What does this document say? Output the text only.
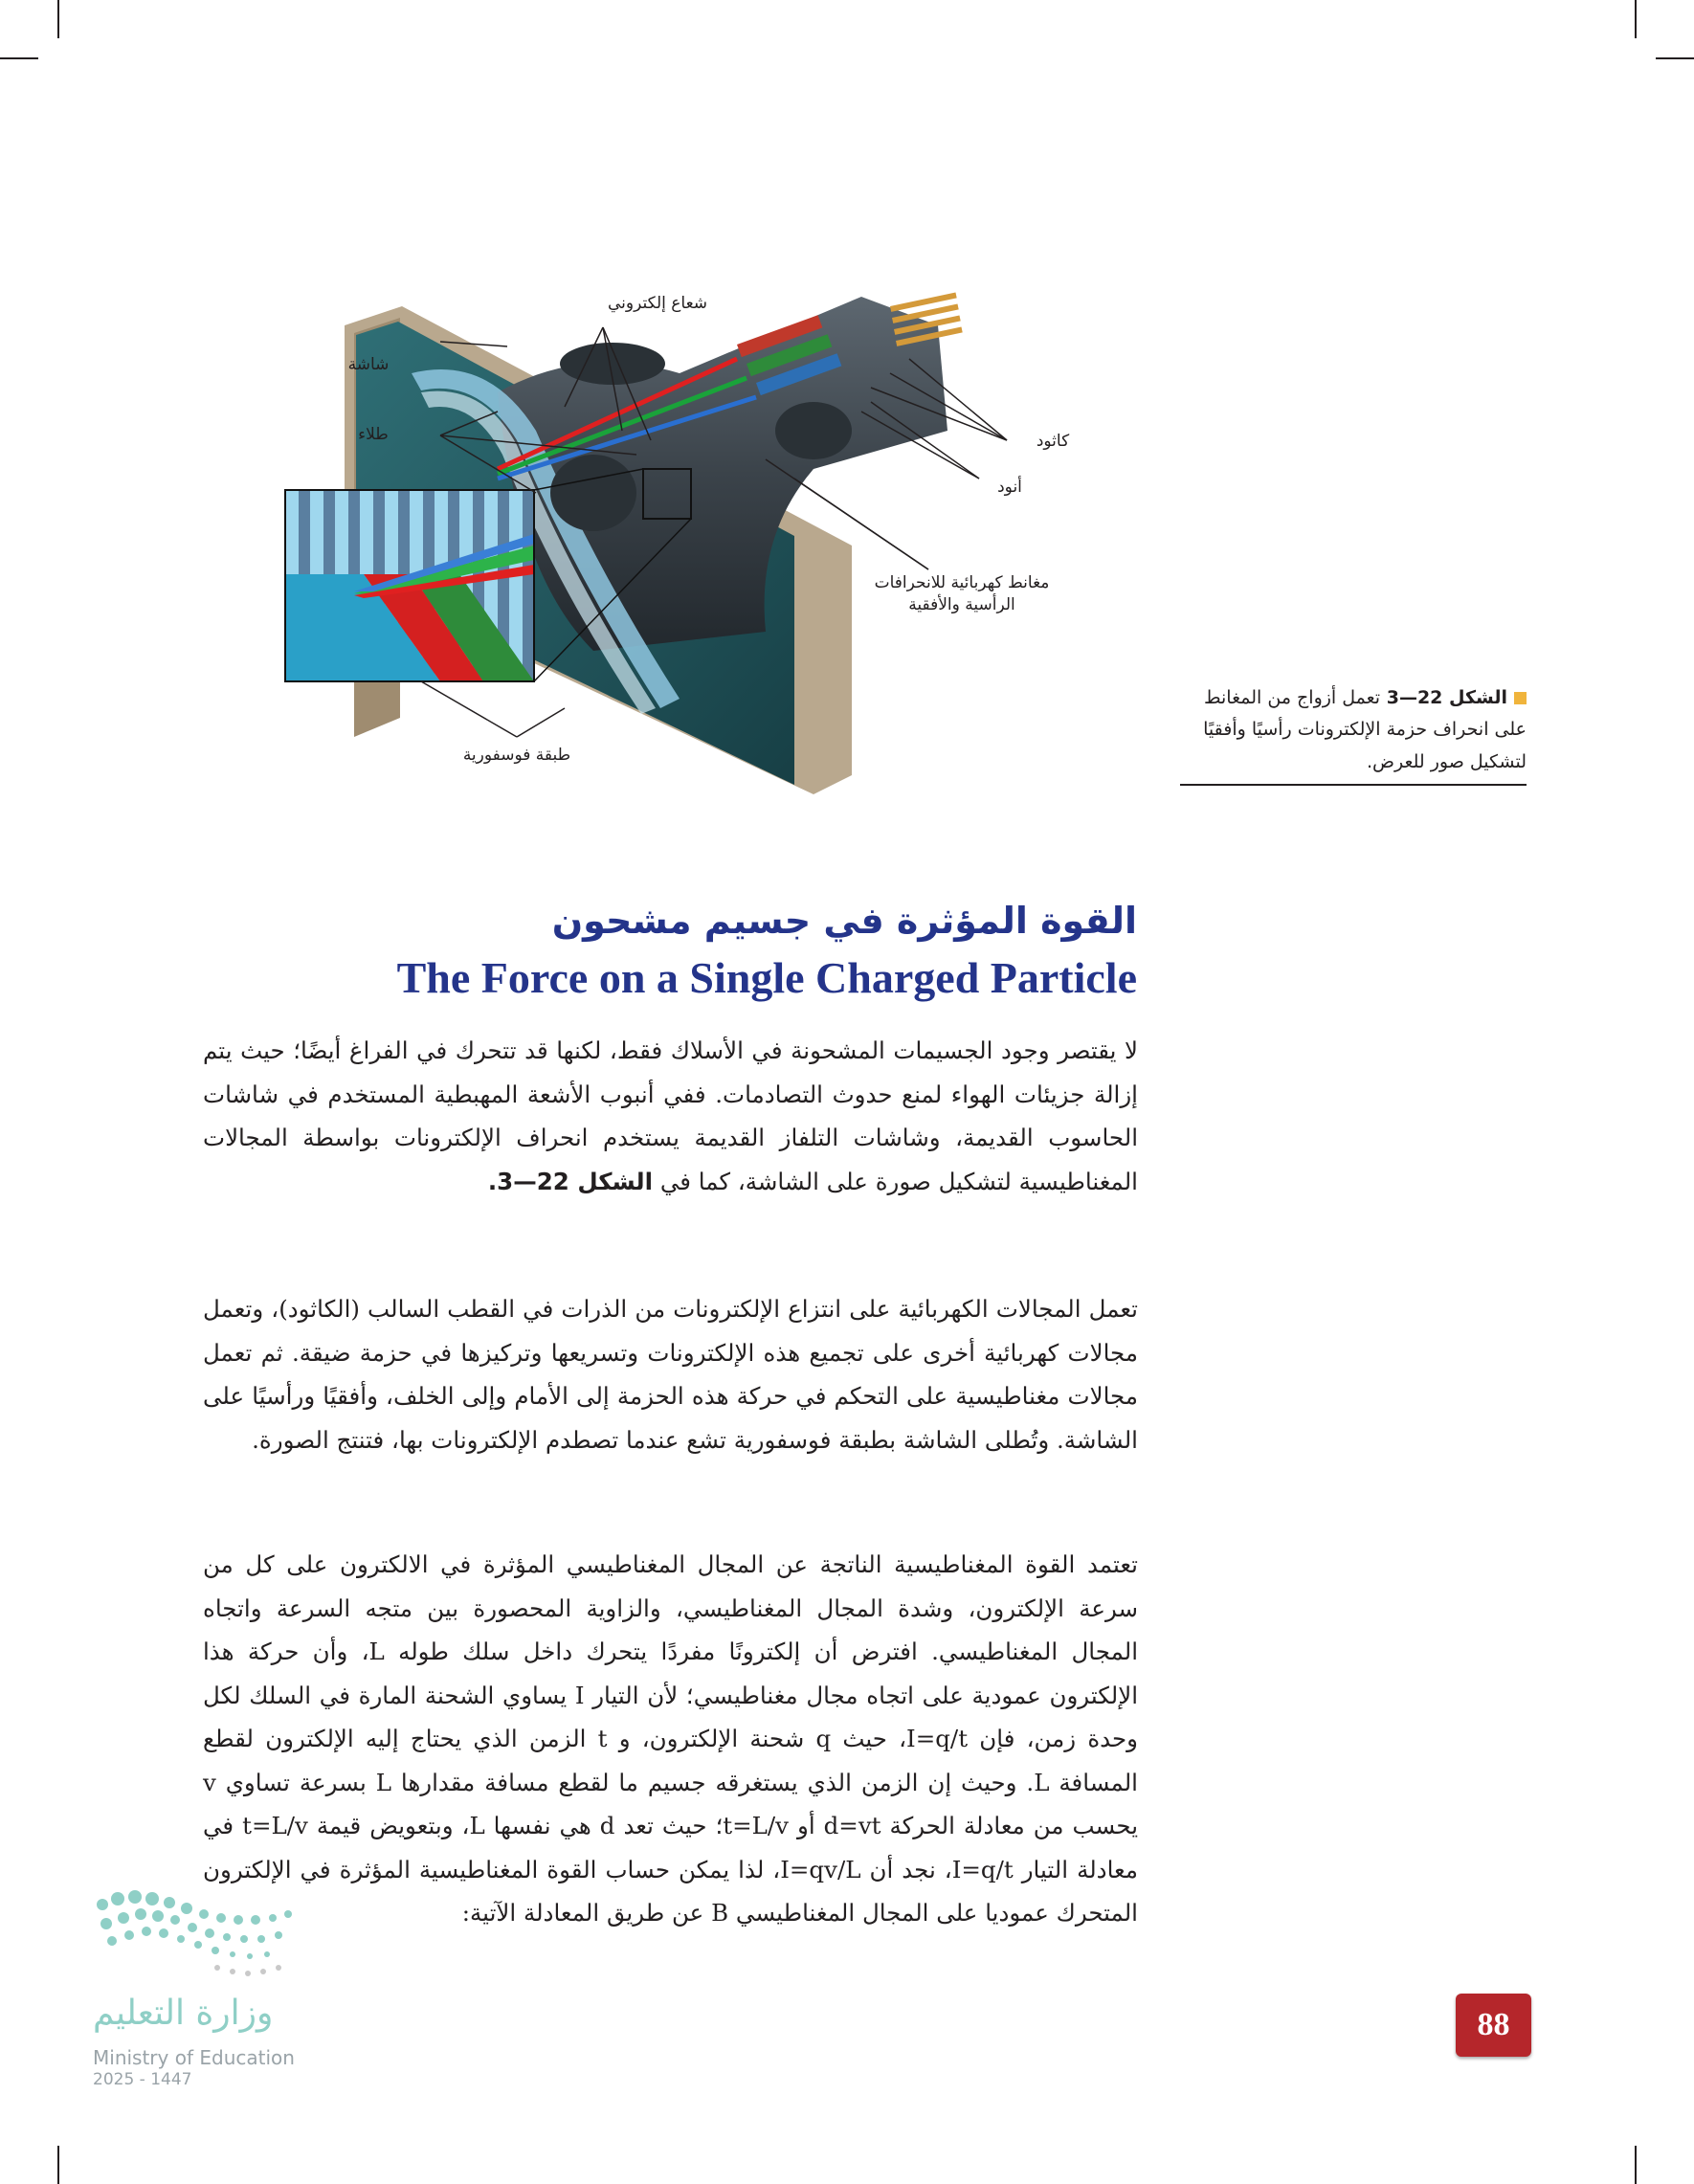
شعاع إلكتروني
شاشة
طلاء	كاثود
أنود
مغانط كهربائية للانحرافات الرأسية والأفقية
طبقة فوسفورية
الشكل 22—3 تعمل أزواج من المغانط على انحراف حزمة الإلكترونات رأسيًا وأفقيًا لتشكيل صور للعرض.
القوة المؤثرة في جسيم مشحون
The Force on a Single Charged Particle
لا يقتصر وجود الجسيمات المشحونة في الأسلاك فقط، لكنها قد تتحرك في الفراغ أيضًا؛ حيث يتم إزالة جزيئات الهواء لمنع حدوث التصادمات. ففي أنبوب الأشعة المهبطية المستخدم في شاشات الحاسوب القديمة، وشاشات التلفاز القديمة يستخدم انحراف الإلكترونات بواسطة المجالات المغناطيسية لتشكيل صورة على الشاشة، كما في الشكل 22—3.
تعمل المجالات الكهربائية على انتزاع الإلكترونات من الذرات في القطب السالب (الكاثود)، وتعمل مجالات كهربائية أخرى على تجميع هذه الإلكترونات وتسريعها وتركيزها في حزمة ضيقة. ثم تعمل مجالات مغناطيسية على التحكم في حركة هذه الحزمة إلى الأمام وإلى الخلف، وأفقيًا ورأسيًا على الشاشة. وتُطلى الشاشة بطبقة فوسفورية تشع عندما تصطدم الإلكترونات بها، فتنتج الصورة.
تعتمد القوة المغناطيسية الناتجة عن المجال المغناطيسي المؤثرة في الالكترون على كل من سرعة الإلكترون، وشدة المجال المغناطيسي، والزاوية المحصورة بين متجه السرعة واتجاه المجال المغناطيسي. افترض أن إلكترونًا مفردًا يتحرك داخل سلك طوله L، وأن حركة هذا الإلكترون عمودية على اتجاه مجال مغناطيسي؛ لأن التيار I يساوي الشحنة المارة في السلك لكل وحدة زمن، فإن I=q/t، حيث q شحنة الإلكترون، و t الزمن الذي يحتاج إليه الإلكترون لقطع المسافة L. وحيث إن الزمن الذي يستغرقه جسيم ما لقطع مسافة مقدارها L بسرعة تساوي v يحسب من معادلة الحركة d=vt أو t=L/v؛ حيث تعد d هي نفسها L، وبتعويض قيمة t=L/v في معادلة التيار I=q/t، نجد أن I=qv/L، لذا يمكن حساب القوة المغناطيسية المؤثرة في الإلكترون المتحرك عموديا على المجال المغناطيسي B عن طريق المعادلة الآتية:
88
وزارة التعليم
Ministry of Education
2025 - 1447
